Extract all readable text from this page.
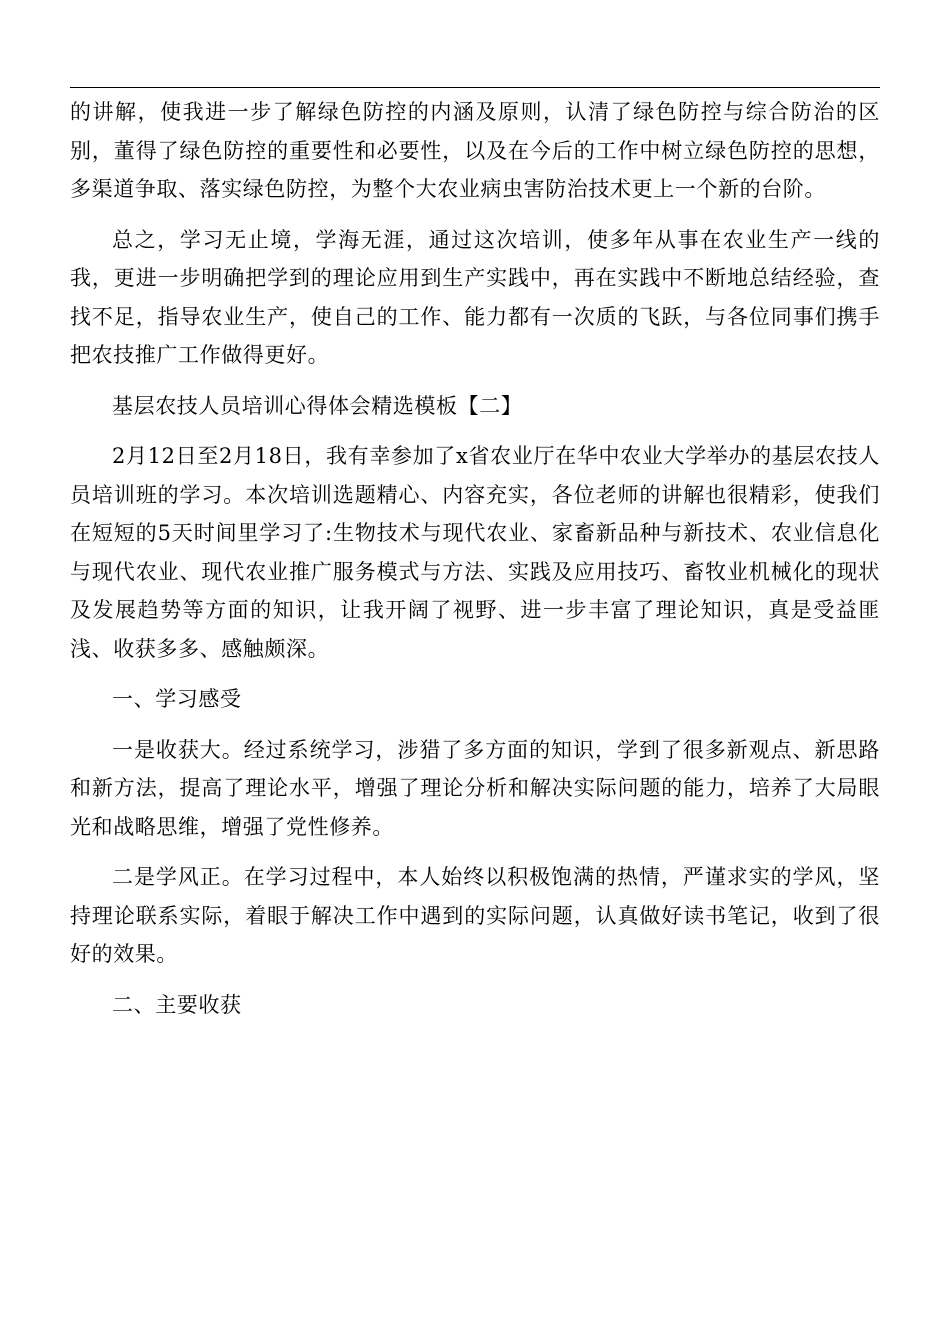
的讲解，使我进一步了解绿色防控的内涵及原则，认清了绿色防控与综合防治的区别，董得了绿色防控的重要性和必要性，以及在今后的工作中树立绿色防控的思想，多渠道争取、落实绿色防控，为整个大农业病虫害防治技术更上一个新的台阶。

总之，学习无止境，学海无涯，通过这次培训，使多年从事在农业生产一线的我，更进一步明确把学到的理论应用到生产实践中，再在实践中不断地总结经验，查找不足，指导农业生产，使自己的工作、能力都有一次质的飞跃，与各位同事们携手把农技推广工作做得更好。

基层农技人员培训心得体会精选模板【二】

2月12日至2月18日，我有幸参加了x省农业厅在华中农业大学举办的基层农技人员培训班的学习。本次培训选题精心、内容充实，各位老师的讲解也很精彩，使我们在短短的5天时间里学习了:生物技术与现代农业、家畜新品种与新技术、农业信息化与现代农业、现代农业推广服务模式与方法、实践及应用技巧、畜牧业机械化的现状及发展趋势等方面的知识，让我开阔了视野、进一步丰富了理论知识，真是受益匪浅、收获多多、感触颇深。

一、学习感受

一是收获大。经过系统学习，涉猎了多方面的知识，学到了很多新观点、新思路和新方法，提高了理论水平，增强了理论分析和解决实际问题的能力，培养了大局眼光和战略思维，增强了党性修养。

二是学风正。在学习过程中，本人始终以积极饱满的热情，严谨求实的学风，坚持理论联系实际，着眼于解决工作中遇到的实际问题，认真做好读书笔记，收到了很好的效果。

二、主要收获
